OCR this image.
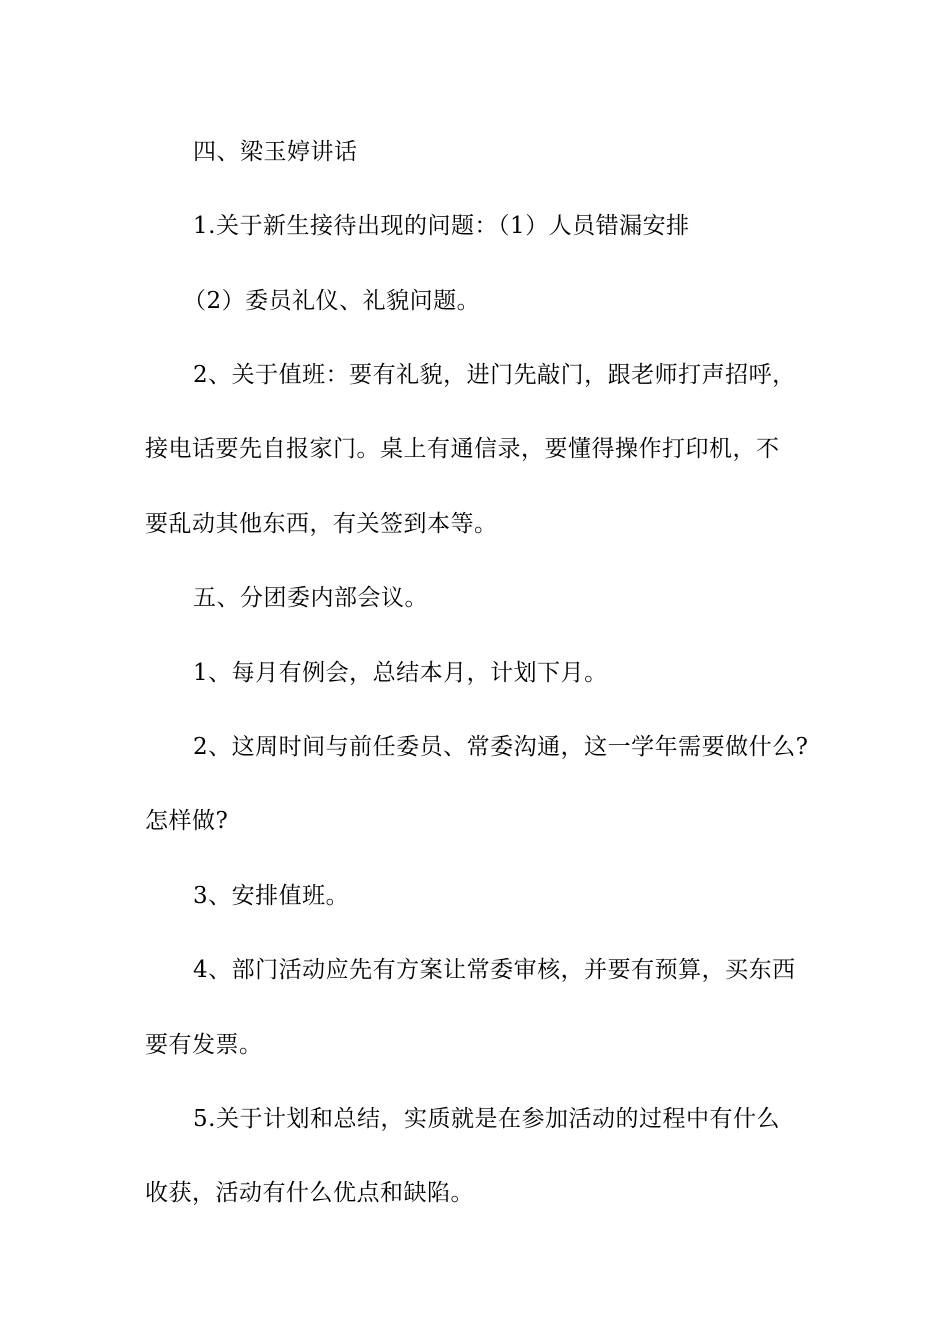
四、梁玉婷讲话
1.关于新生接待出现的问题：（1）人员错漏安排
（2）委员礼仪、礼貌问题。
2、关于值班：要有礼貌，进门先敲门，跟老师打声招呼，
接电话要先自报家门。桌上有通信录，要懂得操作打印机，不
要乱动其他东西，有关签到本等。
五、分团委内部会议。
1、每月有例会，总结本月，计划下月。
2、这周时间与前任委员、常委沟通，这一学年需要做什么?
怎样做?
3、安排值班。
4、部门活动应先有方案让常委审核，并要有预算，买东西
要有发票。
5.关于计划和总结，实质就是在参加活动的过程中有什么
收获，活动有什么优点和缺陷。
